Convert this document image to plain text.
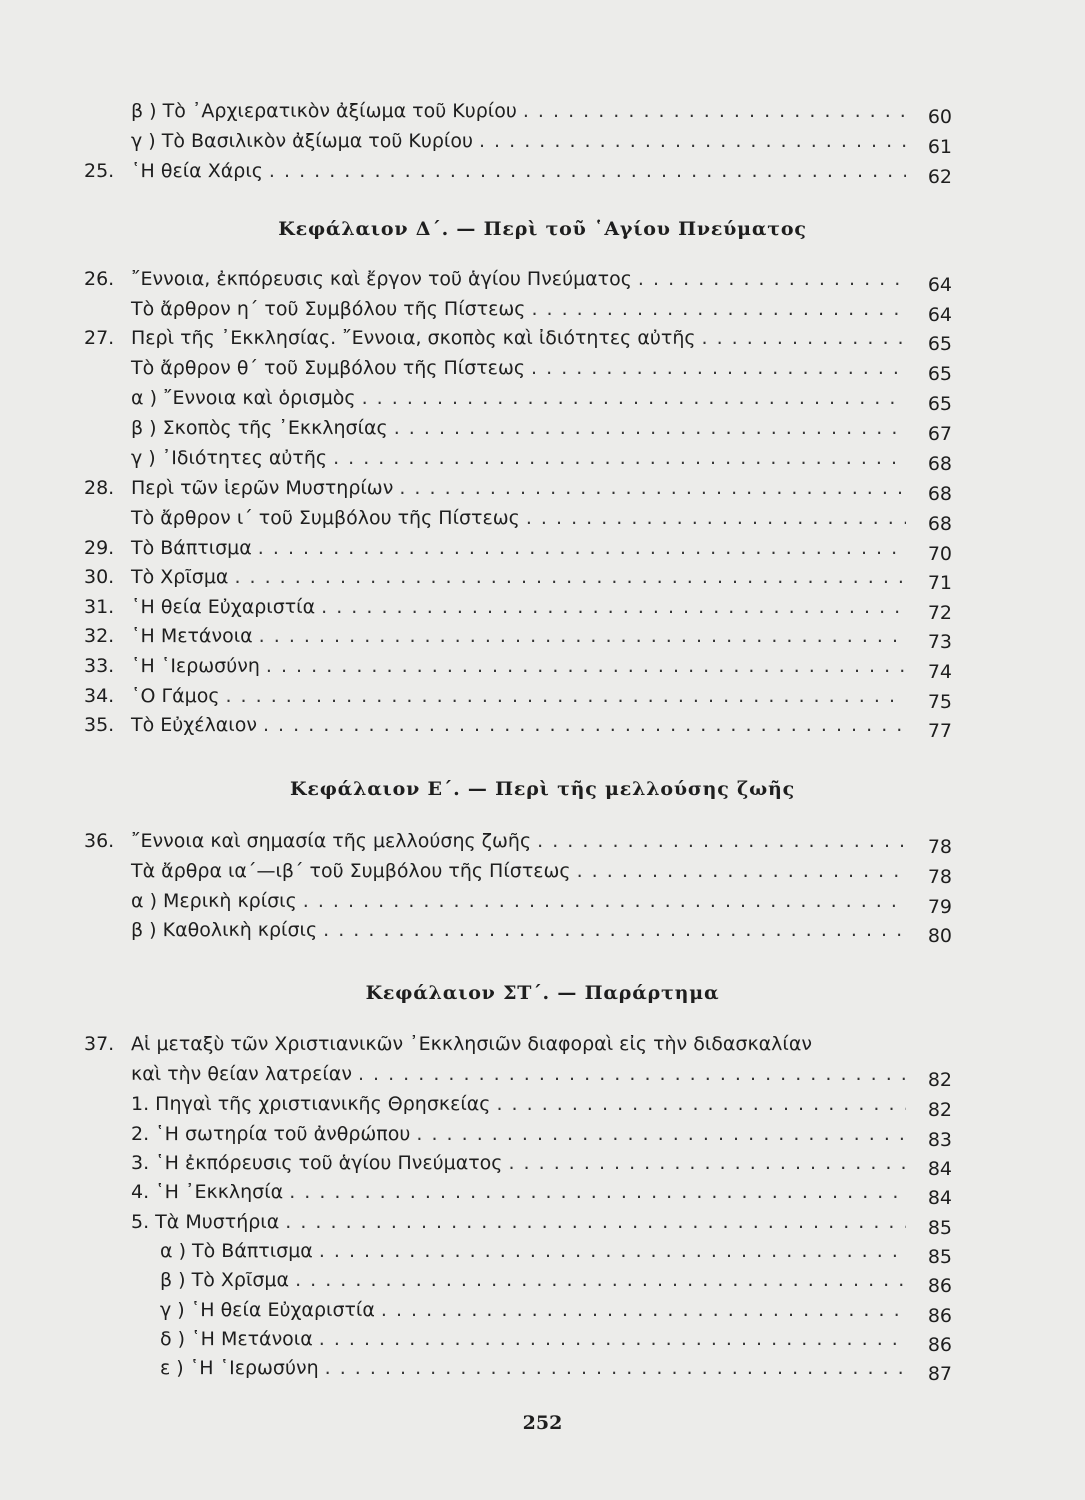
β ) Τὸ ᾿Αρχιερατικὸν ἀξίωμα τοῦ Κυρίου . . .	60
γ ) Τὸ Βασιλικὸν ἀξίωμα τοῦ Κυρίου . . .	61
25. ῾Η θεία Χάρις . . .	62
26. ῎Εννοια, ἐκπόρευσις καὶ ἔργον τοῦ ἁγίου Πνεύματος . . .	64
Τὸ ἄρθρον η΄ τοῦ Συμβόλου τῆς Πίστεως . . .	64
27. Περὶ τῆς ᾿Εκκλησίας. ῎Εννοια, σκοπὸς καὶ ἰδιότητες αὐτῆς . . .	65
Τὸ ἄρθρον θ΄ τοῦ Συμβόλου τῆς Πίστεως . . .	65
α ) ῎Εννοια καὶ ὁρισμὸς . . .	65
β ) Σκοπὸς τῆς ᾿Εκκλησίας . . .	67
γ ) ᾿Ιδιότητες αὐτῆς . . .	68
28. Περὶ τῶν ἱερῶν Μυστηρίων . . .	68
Τὸ ἄρθρον ι΄ τοῦ Συμβόλου τῆς Πίστεως . . .	68
29. Τὸ Βάπτισμα . . .	70
30. Τὸ Χρῖσμα . . .	71
31. ῾Η θεία Εὐχαριστία . . .	72
32. ῾Η Μετάνοια . . .	73
33. ῾Η ῾Ιερωσύνη . . .	74
34. ῾Ο Γάμος . . .	75
35. Τὸ Εὐχέλαιον . . .	77
36. ῎Εννοια καὶ σημασία τῆς μελλούσης ζωῆς . . .	78
Τὰ ἄρθρα ια΄—ιβ΄ τοῦ Συμβόλου τῆς Πίστεως . . .	78
α ) Μερικὴ κρίσις . . .	79
β ) Καθολικὴ κρίσις . . .	80
37. Αἱ μεταξὺ τῶν Χριστιανικῶν ᾿Εκκλησιῶν διαφοραὶ εἰς τὴν διδασκαλίαν
καὶ τὴν θείαν λατρείαν . . .	82
1. Πηγαὶ τῆς χριστιανικῆς Θρησκείας . . .	82
2. ῾Η σωτηρία τοῦ ἀνθρώπου . . .	83
3. ῾Η ἐκπόρευσις τοῦ ἁγίου Πνεύματος . . .	84
4. ῾Η ᾿Εκκλησία . . .	84
5. Τὰ Μυστήρια . . .	85
α ) Τὸ Βάπτισμα . . .	85
β ) Τὸ Χρῖσμα . . .	86
γ ) ῾Η θεία Εὐχαριστία . . .	86
δ ) ῾Η Μετάνοια . . .	86
ε ) ῾Η ῾Ιερωσύνη . . .	87
Κεφάλαιον Δ΄. — Περὶ τοῦ ῾Αγίου Πνεύματος
Κεφάλαιον Ε΄. — Περὶ τῆς μελλούσης ζωῆς
Κεφάλαιον ΣΤ΄. — Παράρτημα
252
